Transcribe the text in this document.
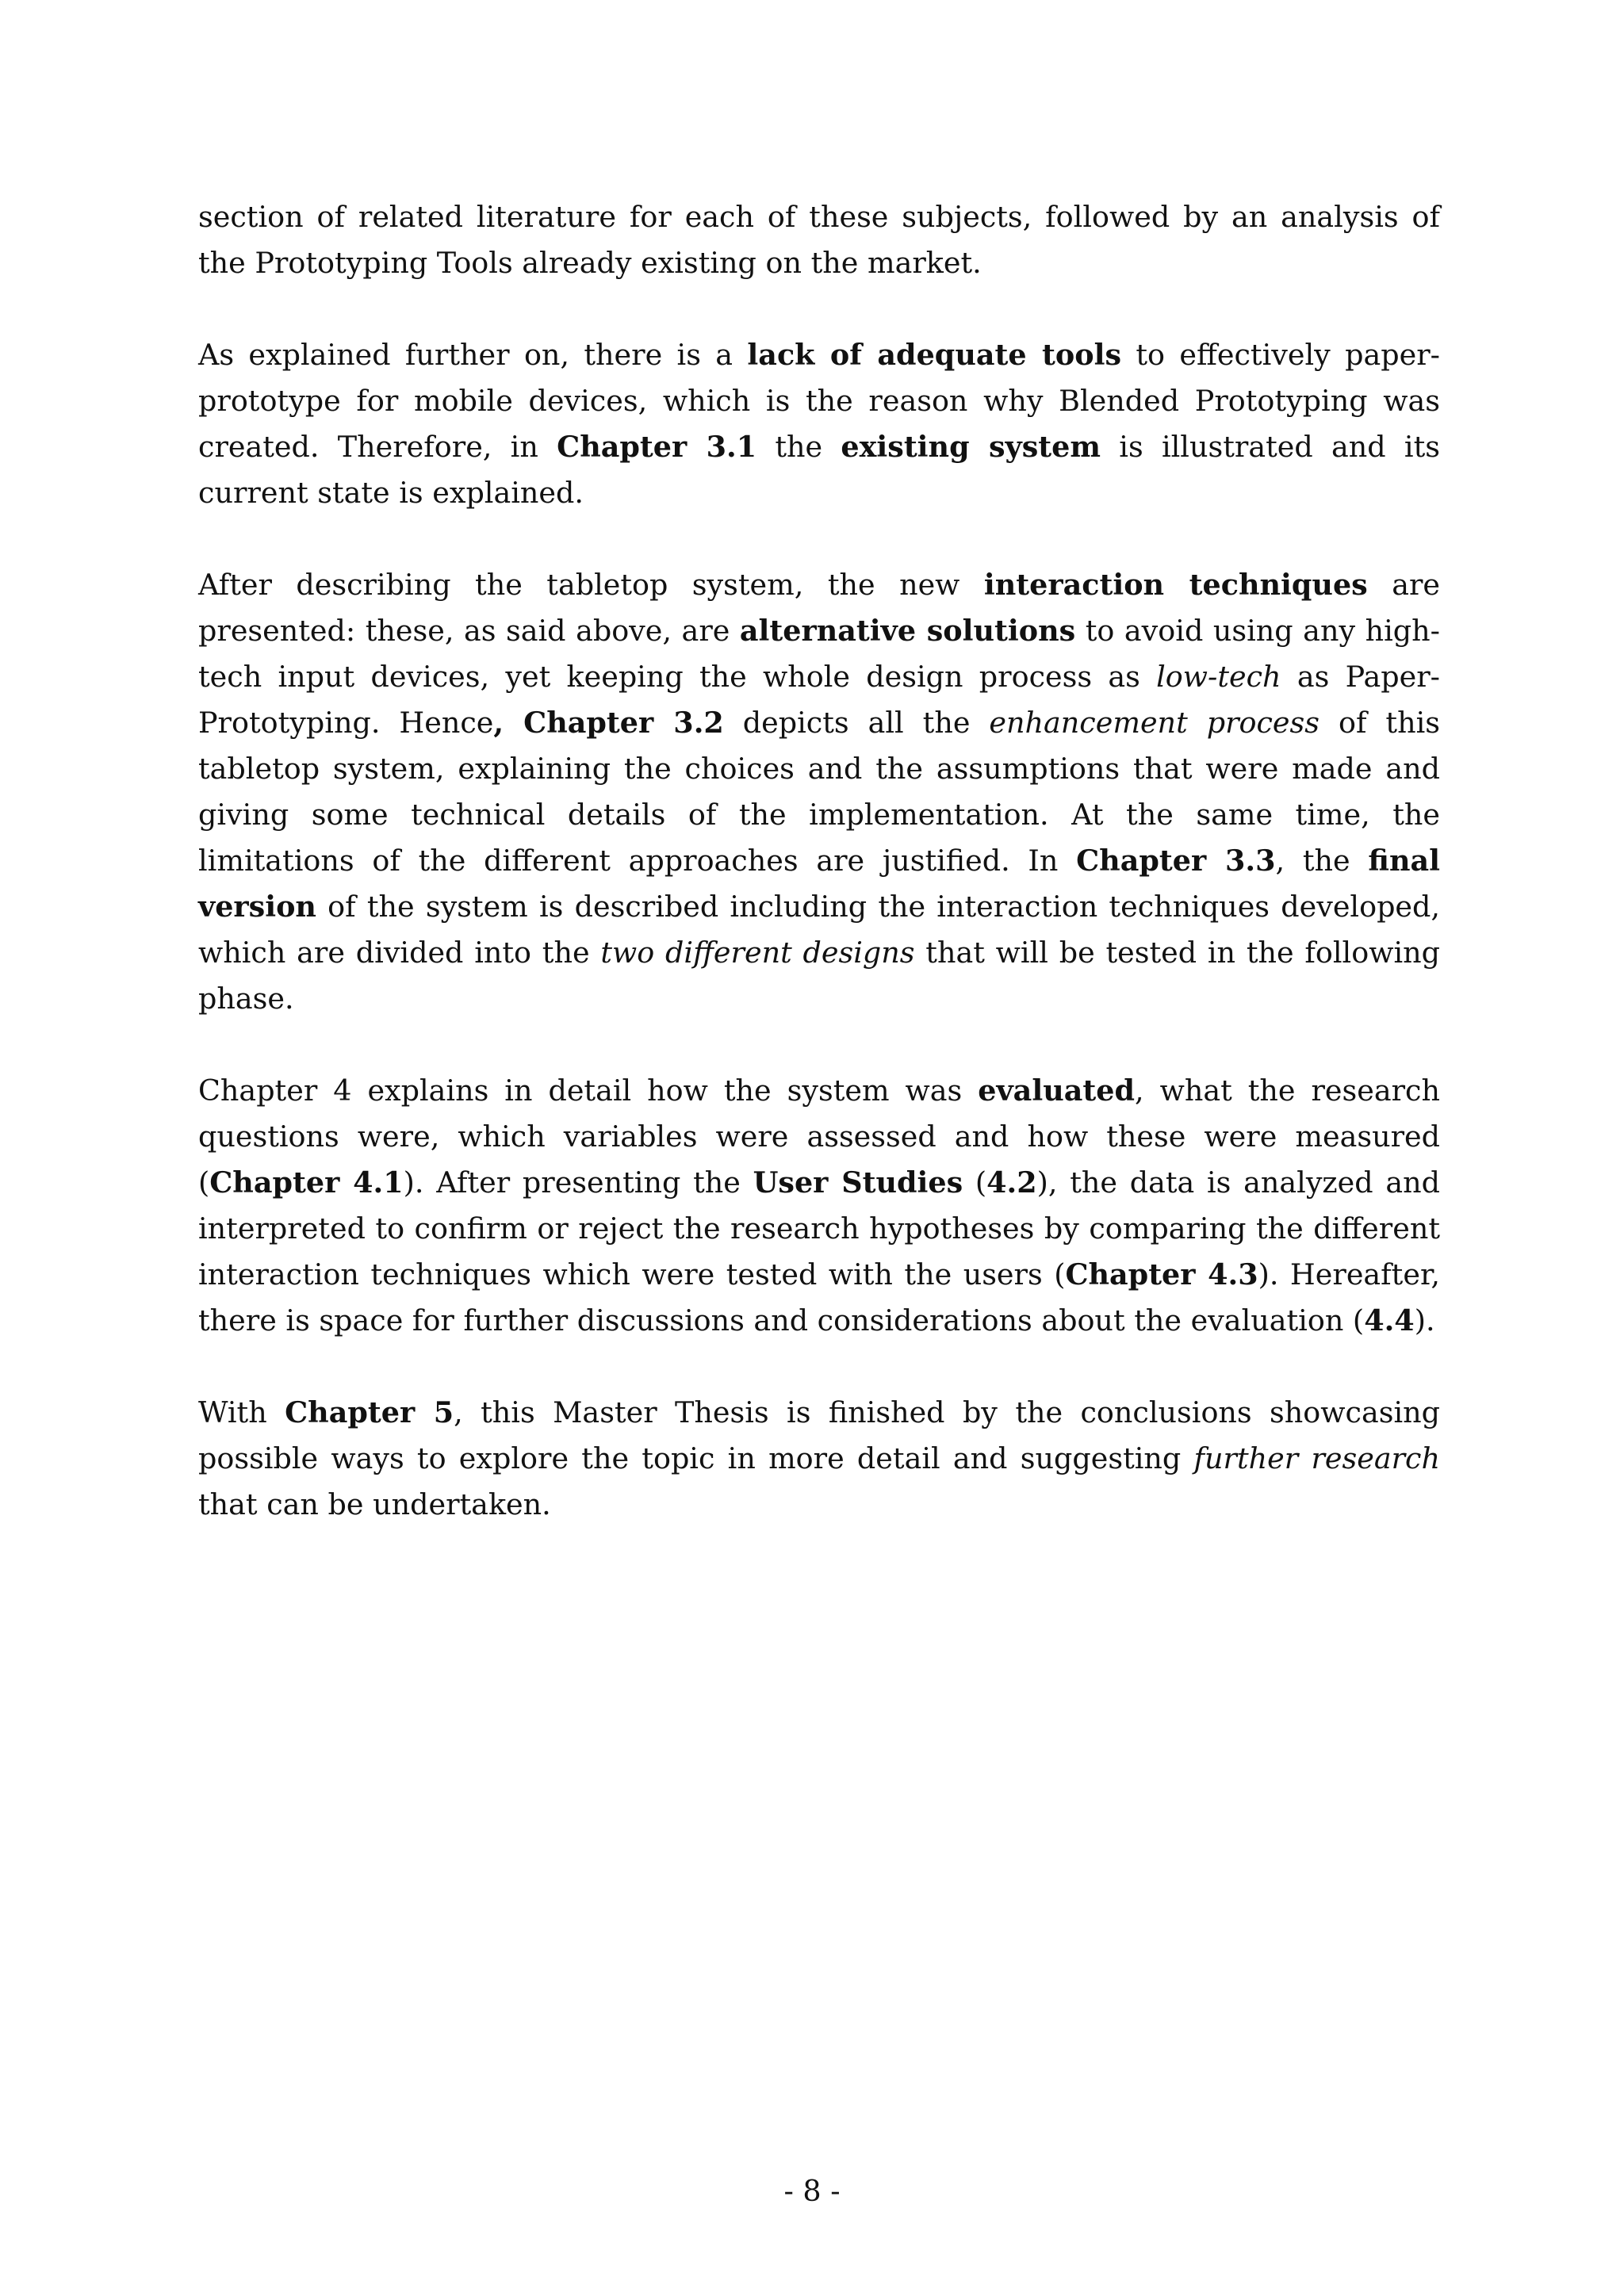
section of related literature for each of these subjects, followed by an analysis of the Prototyping Tools already existing on the market.

As explained further on, there is a lack of adequate tools to effectively paper-prototype for mobile devices, which is the reason why Blended Prototyping was created. Therefore, in Chapter 3.1 the existing system is illustrated and its current state is explained.

After describing the tabletop system, the new interaction techniques are presented: these, as said above, are alternative solutions to avoid using any high-tech input devices, yet keeping the whole design process as low-tech as Paper-Prototyping. Hence, Chapter 3.2 depicts all the enhancement process of this tabletop system, explaining the choices and the assumptions that were made and giving some technical details of the implementation. At the same time, the limitations of the different approaches are justified. In Chapter 3.3, the final version of the system is described including the interaction techniques developed, which are divided into the two different designs that will be tested in the following phase.

Chapter 4 explains in detail how the system was evaluated, what the research questions were, which variables were assessed and how these were measured (Chapter 4.1). After presenting the User Studies (4.2), the data is analyzed and interpreted to confirm or reject the research hypotheses by comparing the different interaction techniques which were tested with the users (Chapter 4.3). Hereafter, there is space for further discussions and considerations about the evaluation (4.4).

With Chapter 5, this Master Thesis is finished by the conclusions showcasing possible ways to explore the topic in more detail and suggesting further research that can be undertaken.

- 8 -
